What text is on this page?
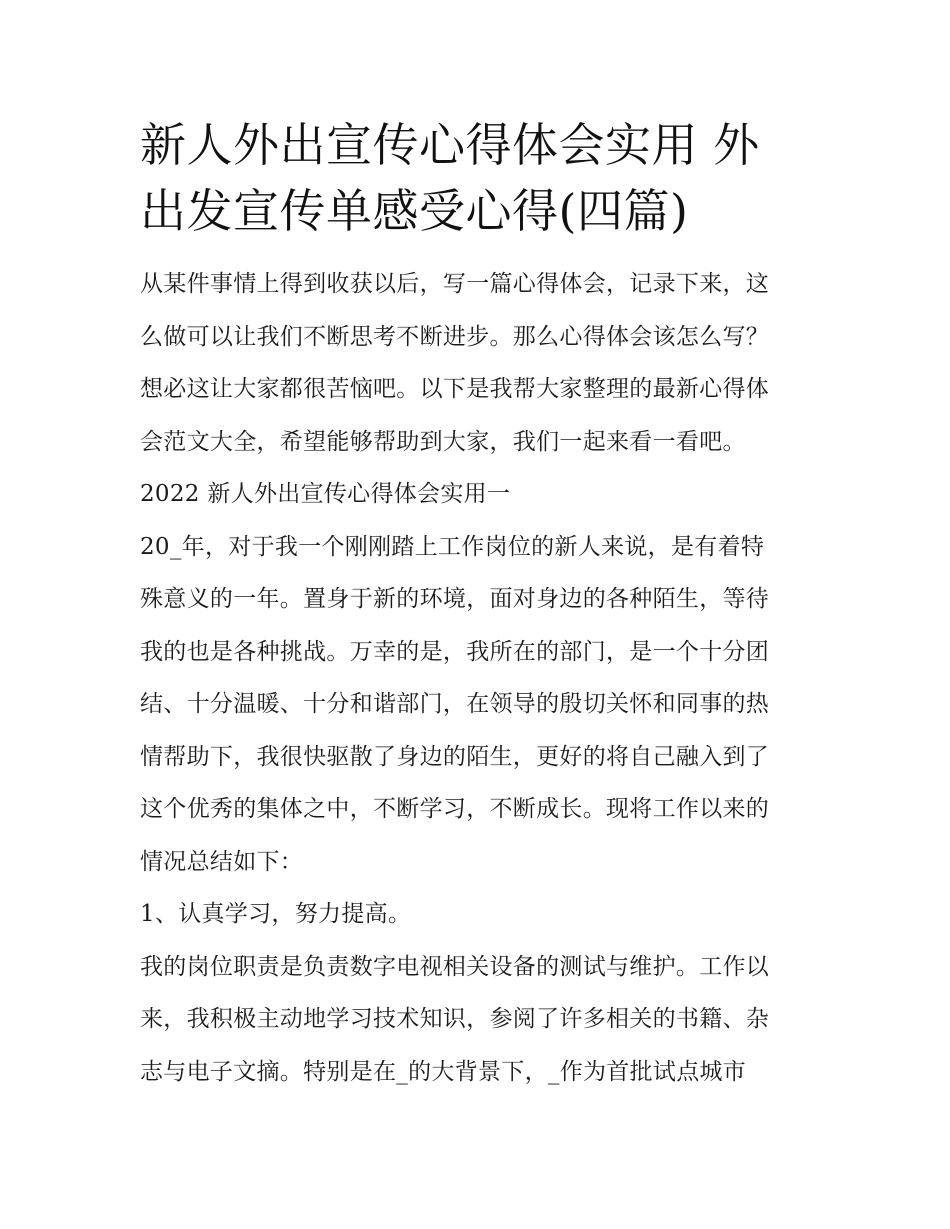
新人外出宣传心得体会实用 外
出发宣传单感受心得(四篇)
从某件事情上得到收获以后，写一篇心得体会，记录下来，这
么做可以让我们不断思考不断进步。那么心得体会该怎么写？
想必这让大家都很苦恼吧。以下是我帮大家整理的最新心得体
会范文大全，希望能够帮助到大家，我们一起来看一看吧。
2022 新人外出宣传心得体会实用一
20_年，对于我一个刚刚踏上工作岗位的新人来说，是有着特
殊意义的一年。置身于新的环境，面对身边的各种陌生，等待
我的也是各种挑战。万幸的是，我所在的部门，是一个十分团
结、十分温暖、十分和谐部门，在领导的殷切关怀和同事的热
情帮助下，我很快驱散了身边的陌生，更好的将自己融入到了
这个优秀的集体之中，不断学习，不断成长。现将工作以来的
情况总结如下：
1、认真学习，努力提高。
我的岗位职责是负责数字电视相关设备的测试与维护。工作以
来，我积极主动地学习技术知识，参阅了许多相关的书籍、杂
志与电子文摘。特别是在_的大背景下，_作为首批试点城市
